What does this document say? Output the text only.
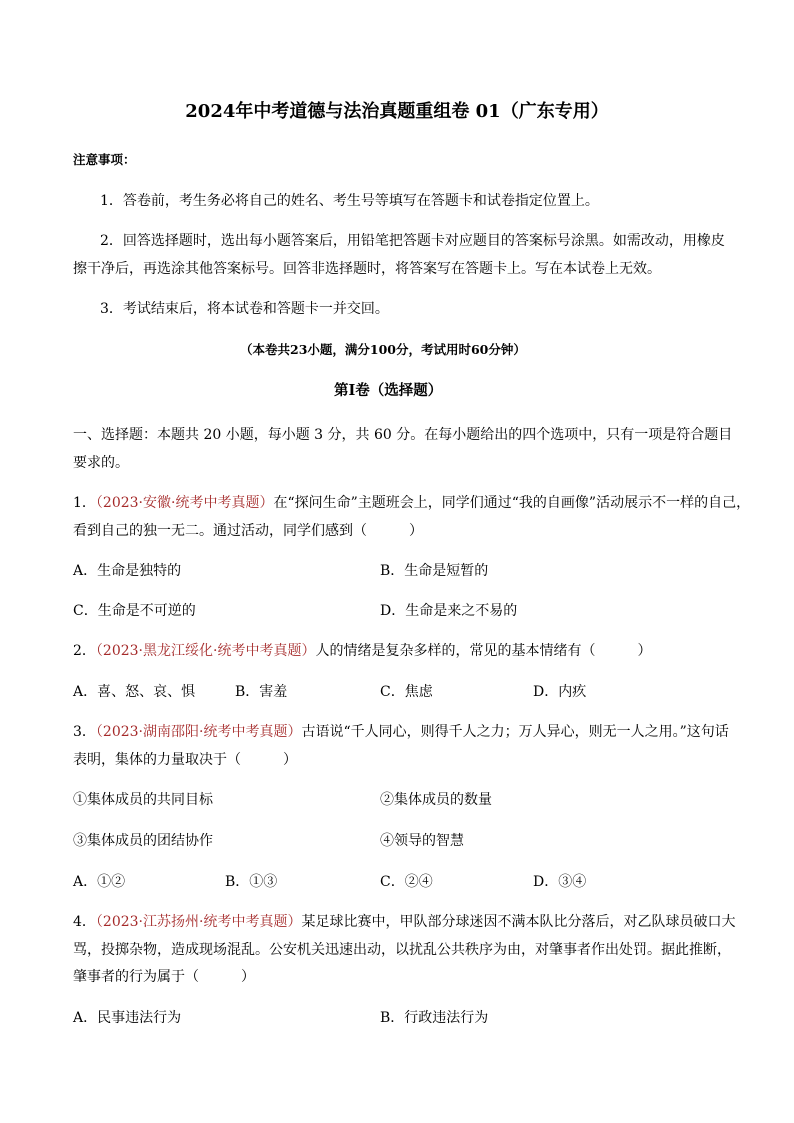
2024年中考道德与法治真题重组卷 01（广东专用）
注意事项：
1．答卷前，考生务必将自己的姓名、考生号等填写在答题卡和试卷指定位置上。
2．回答选择题时，选出每小题答案后，用铅笔把答题卡对应题目的答案标号涂黑。如需改动，用橡皮
擦干净后，再选涂其他答案标号。回答非选择题时，将答案写在答题卡上。写在本试卷上无效。
3．考试结束后，将本试卷和答题卡一并交回。
（本卷共23小题，满分100分，考试用时60分钟）
第I卷（选择题）
一、选择题：本题共 20 小题，每小题 3 分，共 60 分。在每小题给出的四个选项中，只有一项是符合题目
要求的。
1．（2023·安徽·统考中考真题）在“探问生命”主题班会上，同学们通过“我的自画像”活动展示不一样的自己，
看到自己的独一无二。通过活动，同学们感到（　　　）
A．生命是独特的	B．生命是短暂的
C．生命是不可逆的	D．生命是来之不易的
2．（2023·黑龙江绥化·统考中考真题）人的情绪是复杂多样的，常见的基本情绪有（　　　）
A．喜、怒、哀、惧	B．害羞	C．焦虑	D．内疚
3．（2023·湖南邵阳·统考中考真题）古语说“千人同心，则得千人之力；万人异心，则无一人之用。”这句话
表明，集体的力量取决于（　　　）
①集体成员的共同目标	②集体成员的数量
③集体成员的团结协作	④领导的智慧
A．①②	B．①③	C．②④	D．③④
4．（2023·江苏扬州·统考中考真题）某足球比赛中，甲队部分球迷因不满本队比分落后，对乙队球员破口大
骂，投掷杂物，造成现场混乱。公安机关迅速出动，以扰乱公共秩序为由，对肇事者作出处罚。据此推断，
肇事者的行为属于（　　　）
A．民事违法行为	B．行政违法行为
